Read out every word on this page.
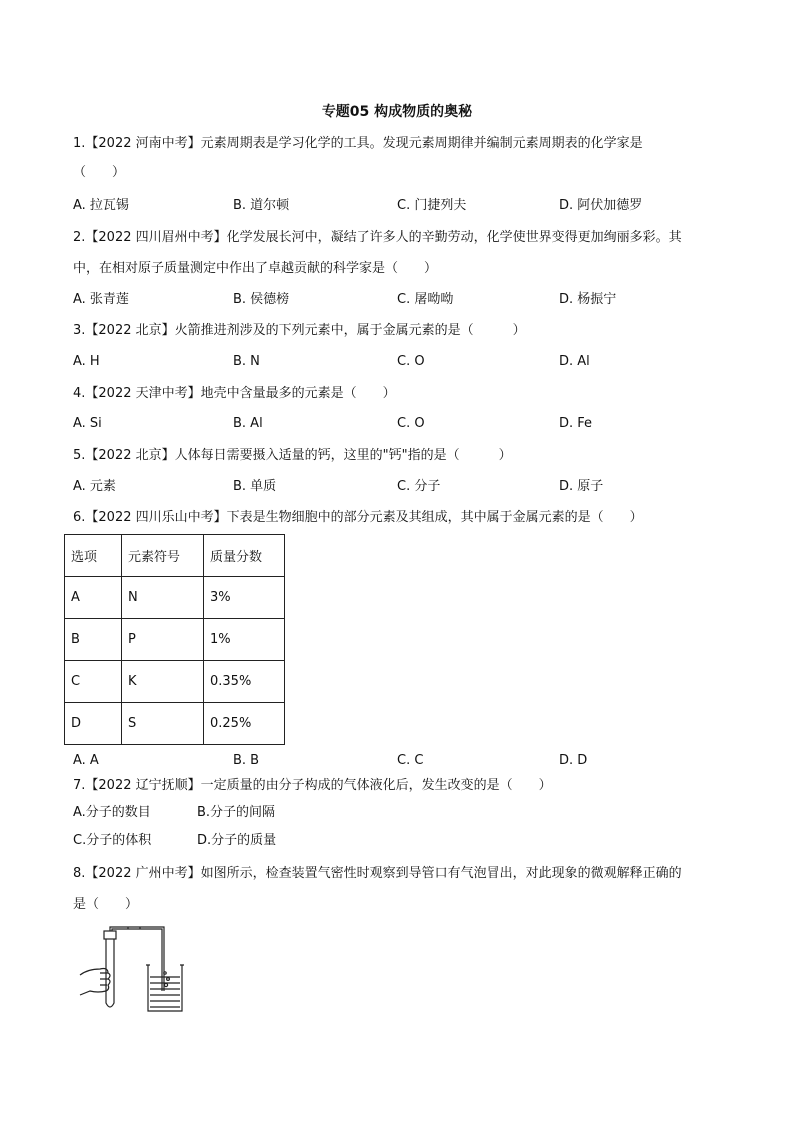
专题05 构成物质的奥秘
1.【2022 河南中考】元素周期表是学习化学的工具。发现元素周期律并编制元素周期表的化学家是
（　　）
A. 拉瓦锡	B. 道尔顿	C. 门捷列夫	D. 阿伏加德罗
2.【2022 四川眉州中考】化学发展长河中，凝结了许多人的辛勤劳动，化学使世界变得更加绚丽多彩。其
中，在相对原子质量测定中作出了卓越贡献的科学家是（　　）
A. 张青莲	B. 侯德榜	C. 屠呦呦	D. 杨振宁
3.【2022 北京】火箭推进剂涉及的下列元素中，属于金属元素的是（　　　）
A. H	B. N	C. O	D. Al
4.【2022 天津中考】地壳中含量最多的元素是（　　）
A. Si	B. Al	C. O	D. Fe
5.【2022 北京】人体每日需要摄入适量的钙，这里的"钙"指的是（　　　）
A. 元素	B. 单质	C. 分子	D. 原子
6.【2022 四川乐山中考】下表是生物细胞中的部分元素及其组成，其中属于金属元素的是（　　）
选项	元素符号	质量分数
A	N	3%
B	P	1%
C	K	0.35%
D	S	0.25%
A. A	B. B	C. C	D. D
7.【2022 辽宁抚顺】一定质量的由分子构成的气体液化后，发生改变的是（　　）
A.分子的数目	B.分子的间隔
C.分子的体积	D.分子的质量
8.【2022 广州中考】如图所示，检查装置气密性时观察到导管口有气泡冒出，对此现象的微观解释正确的
是（　　）
